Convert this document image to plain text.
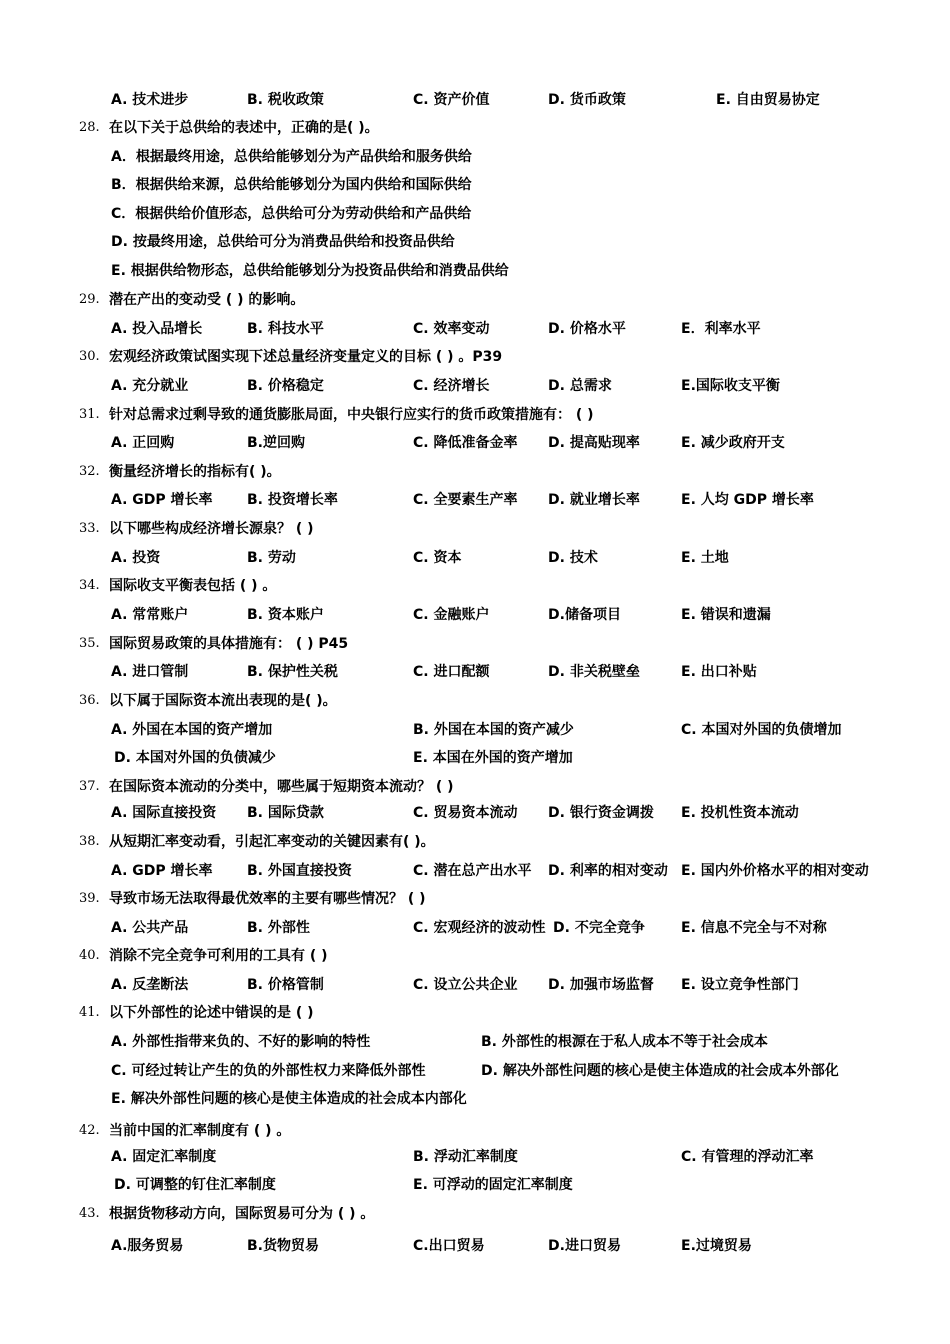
A. 技术进步	B. 税收政策	C. 资产价值	D. 货币政策	E. 自由贸易协定
28. 在以下关于总供给的表述中，正确的是( )。
A．根据最终用途，总供给能够划分为产品供给和服务供给
B．根据供给来源，总供给能够划分为国内供给和国际供给
C．根据供给价值形态，总供给可分为劳动供给和产品供给
D. 按最终用途，总供给可分为消费品供给和投资品供给
E. 根据供给物形态，总供给能够划分为投资品供给和消费品供给
29. 潜在产出的变动受 ( ) 的影响。
A. 投入品增长	B. 科技水平	C. 效率变动	D. 价格水平	E．利率水平
30. 宏观经济政策试图实现下述总量经济变量定义的目标 ( ) 。P39
A. 充分就业	B. 价格稳定	C. 经济增长	D. 总需求	E.国际收支平衡
31. 针对总需求过剩导致的通货膨胀局面，中央银行应实行的货币政策措施有： ( )
A. 正回购	B.逆回购	C. 降低准备金率 D. 提高贴现率	E. 减少政府开支
32. 衡量经济增长的指标有( )。
A. GDP 增长率 B. 投资增长率	C. 全要素生产率 D. 就业增长率	E. 人均 GDP 增长率
33. 以下哪些构成经济增长源泉？ ( )
A. 投资	B. 劳动	C. 资本	D. 技术	E. 土地
34. 国际收支平衡表包括 ( ) 。
A. 常常账户	B. 资本账户	C. 金融账户	D.储备项目	E. 错误和遗漏
35. 国际贸易政策的具体措施有： ( ) P45
A. 进口管制	B. 保护性关税	C. 进口配额	D. 非关税壁垒	E. 出口补贴
36. 以下属于国际资本流出表现的是( )。
A. 外国在本国的资产增加	B. 外国在本国的资产减少	C. 本国对外国的负债增加
D. 本国对外国的负债减少	E. 本国在外国的资产增加
37. 在国际资本流动的分类中，哪些属于短期资本流动？ ( )
A. 国际直接投资 B. 国际贷款	C. 贸易资本流动 D. 银行资金调拨 E. 投机性资本流动
38. 从短期汇率变动看，引起汇率变动的关键因素有( )。
A. GDP 增长率 B. 外国直接投资	C. 潜在总产出水平 D. 利率的相对变动 E. 国内外价格水平的相对变动
39. 导致市场无法取得最优效率的主要有哪些情况？ ( )
A. 公共产品	B. 外部性	C. 宏观经济的波动性 D. 不完全竞争	E. 信息不完全与不对称
40. 消除不完全竞争可利用的工具有 ( )
A. 反垄断法	B. 价格管制	C. 设立公共企业 D. 加强市场监督 E. 设立竞争性部门
41. 以下外部性的论述中错误的是 ( )
A. 外部性指带来负的、不好的影响的特性	B. 外部性的根源在于私人成本不等于社会成本
C. 可经过转让产生的负的外部性权力来降低外部性	D. 解决外部性问题的核心是使主体造成的社会成本外部化
E. 解决外部性问题的核心是使主体造成的社会成本内部化
42. 当前中国的汇率制度有 ( ) 。
A. 固定汇率制度	B. 浮动汇率制度	C. 有管理的浮动汇率
D. 可调整的钉住汇率制度	E. 可浮动的固定汇率制度
43. 根据货物移动方向，国际贸易可分为 ( ) 。
A.服务贸易	B.货物贸易	C.出口贸易	D.进口贸易	E.过境贸易
